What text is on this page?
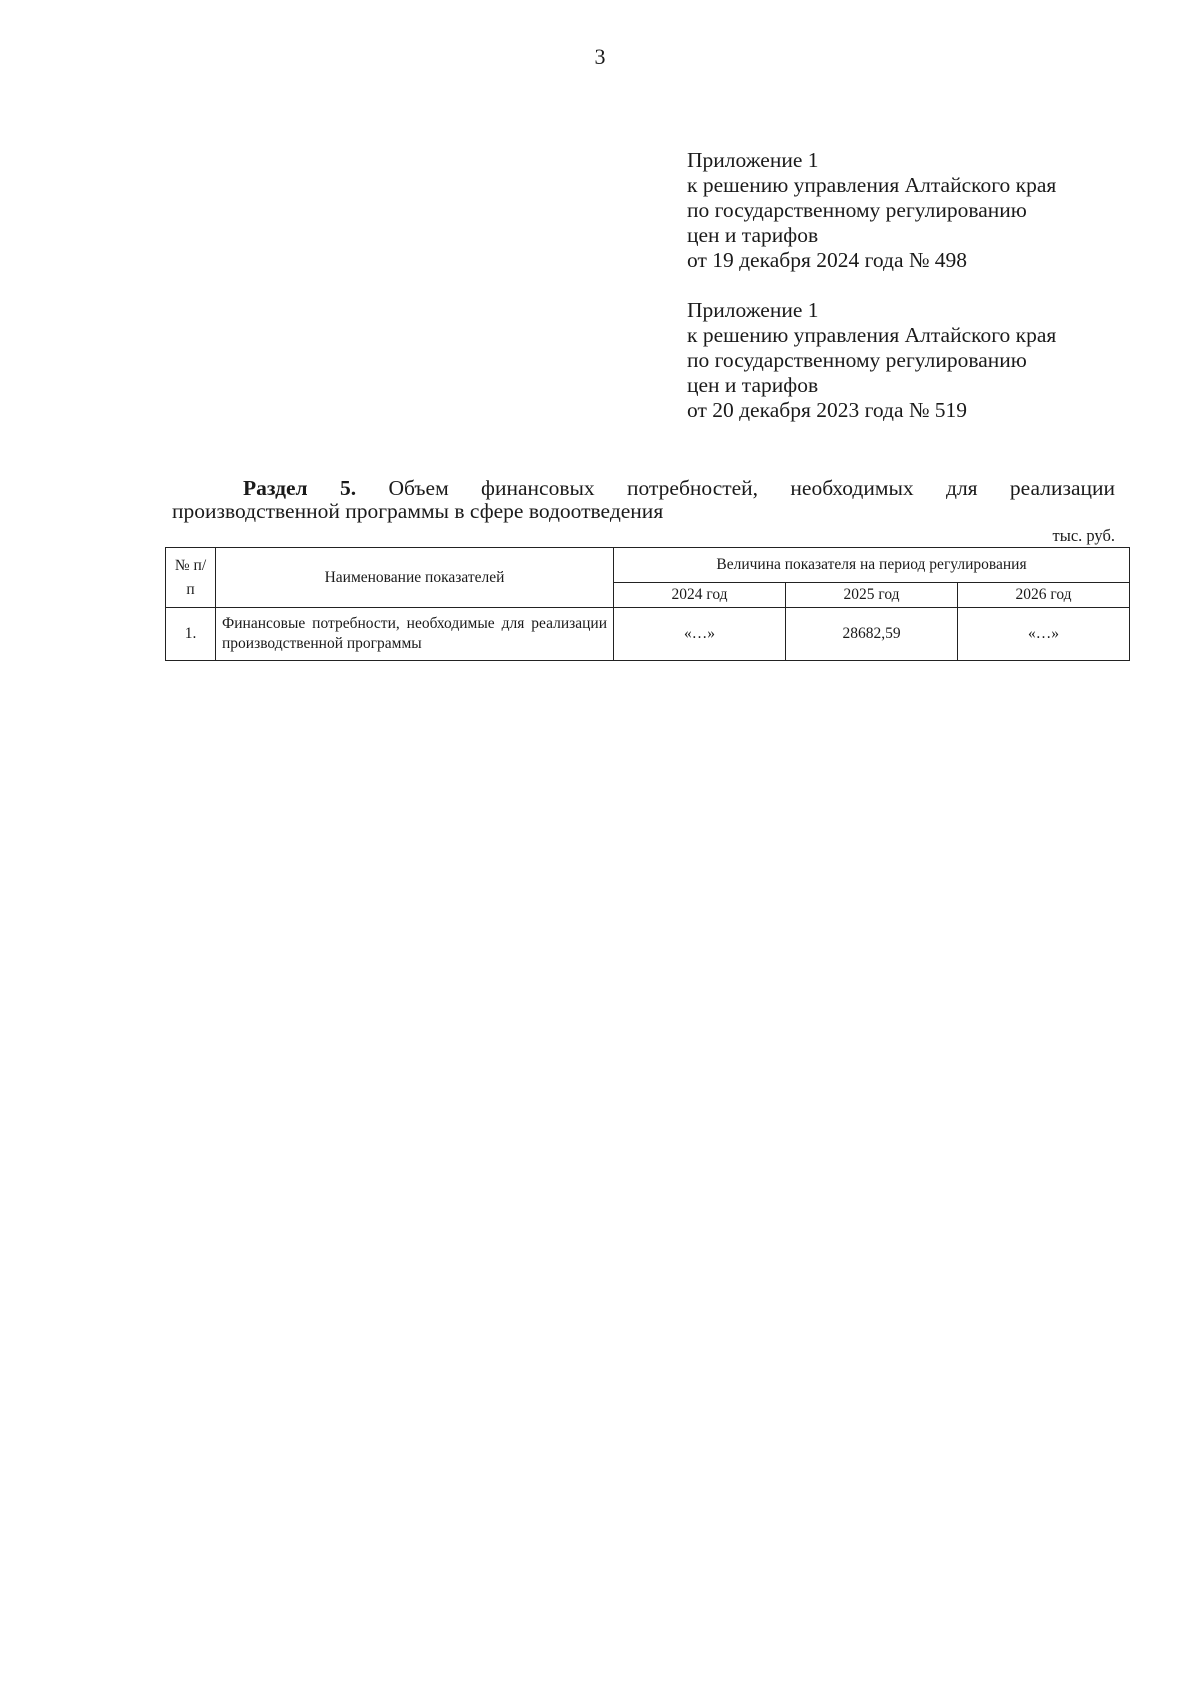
3
Приложение 1
к решению управления Алтайского края
по государственному регулированию
цен и тарифов
от 19 декабря 2024 года № 498
Приложение 1
к решению управления Алтайского края
по государственному регулированию
цен и тарифов
от 20 декабря 2023 года № 519
Раздел 5. Объем финансовых потребностей, необходимых для реализации
производственной программы в сфере водоотведения
тыс. руб.
№ п/п	Наименование показателей	Величина показателя на период регулирования		
		2024 год	2025 год	2026 год
1.	Финансовые потребности, необходимые для реализации производственной программы	«…»	28682,59	«…»
